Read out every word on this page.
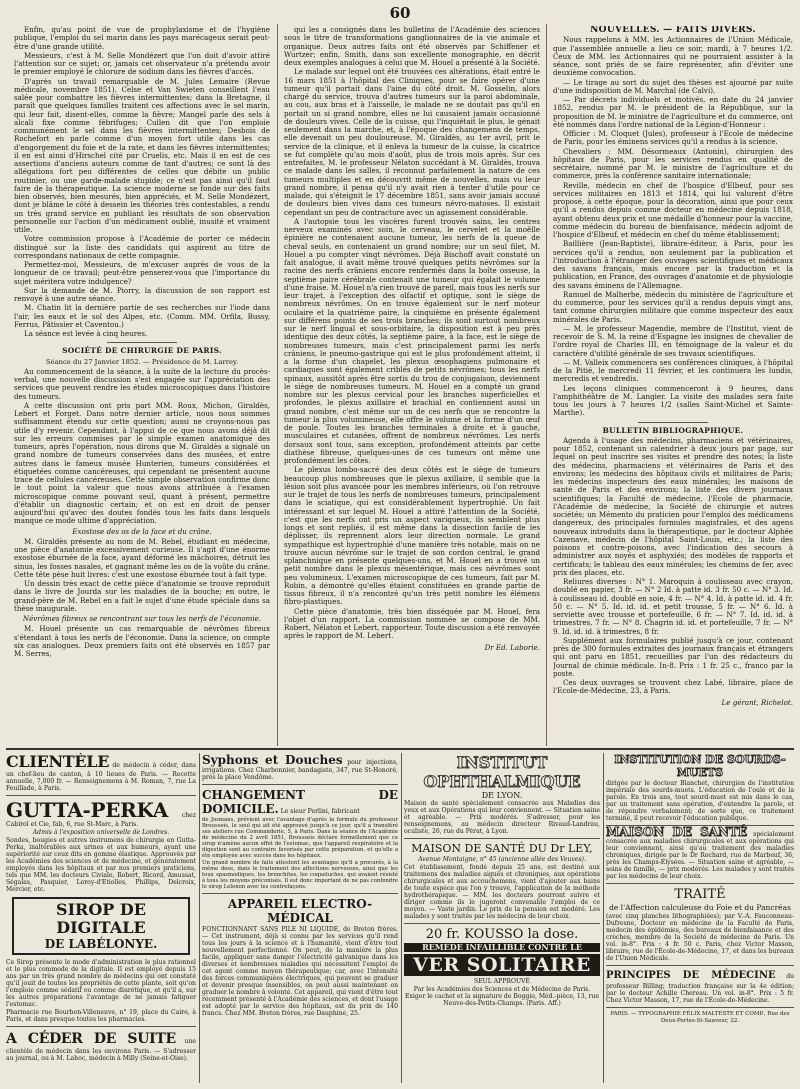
60

Enfin, qu'au point de vue de prophylaxisme et de l'hygiène publique, l'emploi du sel marin dans les pays marécageux serait peut-être d'une grande utilité.

Messieurs, c'est à M. Selle Mondézert que l'on doit d'avoir attiré l'attention sur ce sujet; or, jamais cet observateur n'a prétendu avoir le premier employé le chlorure de sodium dans les fièvres d'accès.

D'après un travail remarquable de M. Jules Lemaire (Revue médicale, novembre 1851), Celse et Van Swieten conseillent l'eau salée pour combattre les fièvres intermittentes; dans la Bretagne, il paraît que quelques familles traitent ces affections avec le sel marin, qui leur fait, disent-elles, comme la fièvre; Mangel parle des sels à alcali fixe comme fébrifuges; Cullen dit que l'on emploie communément le sel dans les fièvres intermittentes; Desbois de Rochefort en parle comme d'un moyen fort utile dans les cas d'engorgement du foie et de la rate, et dans les fièvres intermittentes; il en est ainsi d'Hirschel cité par Cruelis, etc. Mais il en est de ces assertions d'anciens auteurs comme de tant d'autres; ce sont là des allégations fort peu différentes de celles que débite un public routinier, ou une garde-malade stupide; ce n'est pas ainsi qu'il faut faire de la thérapeutique. La science moderne se fonde sur des faits bien observés, bien mesurés, bien appréciés, et M. Selle Mondézert, dont je blâme le côté à dessein les théories très contestables, a rendu un très grand service en publiant les résultats de son observation personnelle sur l'action d'un médicament oublié, inusité et vraiment utile.

Votre commission propose à l'Académie de porter ce médecin distingué sur la liste des candidats qui aspirent au titre de correspondans nationaux de cette compagnie.

Permettez-moi, Messieurs, de m'excuser auprès de vous de la longueur de ce travail; peut-être penserez-vous que l'importance du sujet méritera votre indulgence?

Sur la demande de M. Piorry, la discussion de son rapport est renvoyé à une autre séance.

M. Chatin lit la dernière partie de ses recherches sur l'iode dans l'air, les eaux et le sol des Alpes, etc. (Comm. MM. Orfila, Bussy, Ferrus, Pâtissier et Caventou.)

La séance est levée à cinq heures.

SOCIÉTÉ DE CHIRURGIE DE PARIS.

Séance du 27 Janvier 1852. — Présidence de M. Larrey.

Au commencement de la séance, à la suite de la lecture du procès-verbal, une nouvelle discussion s'est engagée sur l'appréciation des services que peuvent rendre les études microscopiques dans l'histoire des tumeurs.

A cette discussion ont pris part MM. Roux, Michon, Giraldès, Lebert et Forget. Dans notre dernier article, nous nous sommes suffisamment étendu sur cette question; aussi ne croyons-nous pas utile d'y revenir. Cependant, à l'appui de ce que nous avons déjà dit sur les erreurs commises par le simple examen anatomique des tumeurs, après l'opération, nous dirons que M. Giraldès a signalé un grand nombre de tumeurs conservées dans des musées, et entre autres dans le fameux musée Hunterien, tumeurs considérées et étiquetées comme cancéreuses, qui cependant ne présentent aucune trace de cellules cancéreuses. Cette simple observation confirme donc le tout point la valeur que nous avons attribuée à l'examen microscopique comme pouvant seul, quant à présent, permettre d'établir un diagnostic certain; et on est en droit de penser aujourd'hui qu'avec des doutes fondés tous les faits dans lesquels manque ce mode ultime d'appréciation.

Exostose des os de la face et du crâne.

M. Giraldès présente au nom de M. Rebel, étudiant en médecine, une pièce d'anatomie excessivement curieuse. Il s'agit d'une énorme exostose éburnée de la face, ayant déformé les mâchoires, détruit les sinus, les fosses nasales, et gagnant même les os de la voûte du crâne. Cette tête pèse huit livres: c'est une exostose éburnée tout à fait type.

Un dessin très exact de cette pièce d'anatomie se trouve reproduit dans le livre de Jourda sur les maladies de la bouche; en outre, le grand-père de M. Rebel en a fait le sujet d'une étude spéciale dans sa thèse inaugurale.

Névrômes fibreux se rencontrant sur tous les nerfs de l'économie.

M. Houel présente un cas remarquable de névrômes fibreux s'étendant à tous les nerfs de l'économie. Dans la science, on compte six cas analogues. Deux premiers faits ont été observés en 1857 par M. Serres,

qui les a consignés dans les bulletins de l'Académie des sciences sous le titre de transformations ganglionnaires de la vie animale et organique. Deux autres faits ont été observés par Schiffener et Wurtzer; enfin, Smith, dans son excellente monographie, en décrit deux exemples analogues à celui que M. Houel a présenté à la Société.

Le malade sur lequel ont été trouvées ces altérations, était entré le 16 mars 1851 à l'hôpital des Cliniques, pour se faire opérer d'une tumeur qu'il portait dans l'aine du côté droit. M. Gosselin, alors chargé du service, trouva d'autres tumeurs sur la paroi abdominale, au cou, aux bras et à l'aisselle, le malade ne se doutait pas qu'il en portait un si grand nombre, elles ne lui causaient jamais occasionné de douleurs vives. Celle de la cuisse, qui l'inquiétait le plus, le génait seulement dans la marche, et, à l'époque des changemens de temps, elle devenait un peu douloureuse. M. Giraldès, au 1er avril, prit le service de la clinique, et il enleva la tumeur de la cuisse, la cicatrice se fut complète qu'au mois d'août, plus de trois mois après. Sur ces entrefaites, M. le professeur Nélaton succédant à M. Giraldès, trouva ce malade dans les salles, il reconnut parfaitement la nature de ces tumeurs multiples et en découvrit même de nouvelles, mais vu leur grand nombre, il pensa qu'il n'y avait rien à tenter d'utile pour ce malade, qui s'éteignit le 17 décembre 1851, sans avoir jamais accusé de douleurs bien vives dans ces tumeurs névro-matoses. Il existait cependant un peu de contracture avec un agissement considérable.

A l'autopsie tous les viscères furent trouvés sains, les centres nerveux examinés avec soin, le cerveau, le cervelet et la moëlle épinière ne contenaient aucune tumeur, les nerfs de la queue de cheval seuls, en contenaient un grand nombre; sur un seul filet, M. Houel a pu compter vingt névrômes. Déjà Bischoff avait constaté un fait analogue, il avait même trouvé quelques petits névrômes sur la racine des nerfs crâniens encore renfermés dans la boîte osseuse, la septième paire cérébrale contenait une tumeur qui égalait le volume d'une fraise. M. Houel n'a rien trouvé de pareil, mais tous les nerfs sur leur trajet, à l'exception des olfactif et optique, sont le siège de nombreux névrômes. On en trouve également sur le nerf moteur oculaire et la quatrième paire, la cinquième en présente également sur différens points de ses trois branches; ils sont surtout nombreux sur le nerf lingual et sous-orbitaire, la disposition est à peu près identique des deux côtés, la septième paire, à la face, est le siège de nombreuses tumeurs, mais c'est principalement parmi les nerfs crâniens, le pneumo-gastrique qui est le plus profondément atteint, il a la forme d'un chapelet, les plexus œsophagiens pulmonaire et cardiaques sont également criblés de petits névrômes; tous les nerfs spinaux, aussitôt après être sortis du trou de conjugaison, deviennent le siège de nombreuses tumeurs. M. Houel en a compté un grand nombre sur les plexus cervical pour les branches superficielles et profondes, le plexus axillaire et brachial en contiennent aussi un grand nombre, c'est même sur un de ces nerfs que se rencontre la tumeur la plus volumineuse, elle offre le volume et la forme d'un œuf de poule. Toutes les branches terminales à droite et à gauche, musculaires et cutanées, offrent de nombreux névrômes. Les nerfs dorsaux sont tous, sans exception, profondément atteints par cette diathèse fibreuse, quelques-unes de ces tumeurs ont même une profondément les côtes.

Le plexus lombo-sacré des deux côtés est le siège de tumeurs beaucoup plus nombreuses que le plexus axillaire, il semble que la lésion soit plus avancée pour les membres inférieurs, où l'on retrouve sur le trajet de tous les nerfs de nombreuses tumeurs, principalement dans le sciatique, qui est considérablement hypertrophié. Un fait intéressant et sur lequel M. Houel a attiré l'attention de la Société, c'est que les nerfs ont pris un aspect variqueux, ils semblent plus longs et sont repliés, il est même dans la dissection facile de les déplisser, ils reprennent alors leur direction normale. Le grand sympathique est hypertrophié d'une manière très notable, mais on ne trouve aucun névrôme sur le trajet de son cordon central, le grand splanchnique en présente quelques-uns, et M. Houel en a trouvé un petit nombre dans le plexus mésentérique, mais ces névrômes sont peu volumineux. L'examen microscopique de ces tumeurs, fait par M. Robin, a démontré qu'elles étaient constituées en grande partie de tissus fibreux, il n'a rencontré qu'un très petit nombre les élémens fibro-plastiques.

Cette pièce d'anatomie, très bien disséquée par M. Houel, fera l'objet d'un rapport. La commission nommée se compose de MM. Robert, Nélaton et Lebert, rapporteur. Toute discussion a été renvoyée après le rapport de M. Lebert.

Dr Ed. Laborie.

NOUVELLES. — FAITS DIVERS.

Nous rappelons à MM. les Actionnaires de l'Union Médicale, que l'assemblée annuelle a lieu ce soir, mardi, à 7 heures 1/2. Ceux de MM. les Actionnaires qui ne pourraient assister à la séance, sont priés de se faire représenter, afin d'éviter une deuxième convocation.

— Le tirage au sort du sujet des thèses est ajourné par suite d'une indisposition de M. Marchal (de Calvi).

— Par décrets individuels et motivés, en date du 24 janvier 1852, rendus par M. le président de la République, sur la proposition de M. le ministre de l'agriculture et du commerce, ont été nommés dans l'ordre national de la Légion-d'Honneur :

Officier : M. Cloquet (Jules), professeur à l'Ecole de médecine de Paris, pour les éminens services qu'il a rendus à la science.

Chevaliers : MM. Désormeaux (Antonin), chirurgien des hôpitaux de Paris, pour les services rendus en qualité de secrétaire, nommé par M. le ministre de l'agriculture et du commerce, près la conférence sanitaire internationale;

Reville, médecin en chef de l'hospice d'Elbeuf, pour ses services militaires en 1813 et 1814, qui lui valurent d'être proposé, à cette époque, pour la décoration, ainsi que pour ceux qu'il a rendus depuis comme docteur en médecine depuis 1818, ayant obtenu deux prix et une médaille d'honneur pour la vaccine, comme médecin du bureau de bienfaisance, médecin adjoint de l'hospice d'Elbeuf, et médecin en chef du même établissement;

Baillière (Jean-Baptiste), libraire-éditeur, à Paris, pour les services qu'il a rendus, non seulement par la publication et l'introduction à l'étranger des ouvrages scientifiques et médicaux des savans français, mais encore par la traduction et la publication, en France, des ouvrages d'anatomie et de physiologie des savans éminens de l'Allemagne.

Ramuel de Malherbe, médecin du ministère de l'agriculture et du commerce, pour les services qu'il a rendus depuis vingt ans, tant comme chirurgien militaire que comme inspecteur des eaux minérales de Paris.

— M. le professeur Magendie, membre de l'Institut, vient de recevoir de S. M. la reine d'Espagne les insignes de chevalier de l'ordre royal de Charles III, en témoignage de la valeur et du caractère d'utilité générale de ses travaux scientifiques.

— M. Valleix commencera ses conférences cliniques, à l'hôpital de la Pitié, le mercredi 11 février, et les continuera les lundis, mercredis et vendredis.

Les leçons cliniques commenceront à 9 heures, dans l'amphithéâtre de M. Langier. La visite des malades sera faite tous les jours à 7 heures 1/2 (salles Saint-Michel et Sainte-Marthe).

BULLETIN BIBLIOGRAPHIQUE.

Agenda à l'usage des médecins, pharmaciens et vétérinaires, pour 1852, contenant un calendrier à deux jours par page, sur lequel on peut inscrire ses visites et prendre des notes; la liste des médecins, pharmaciens et vétérinaires de Paris et des environs; les médecins des hôpitaux civils et militaires de Paris; les médecins inspecteurs des eaux minérales; les maisons de santé de Paris et des environs; la liste des divers journaux scientifiques; la Faculté de médecine, l'Ecole de pharmacie, l'Académie de médecine, la Société de chirurgie et autres sociétés; un Mémento du praticien pour l'emploi des médicamens dangereux, des principales formules magistrales, et des agens nouveaux introduits dans la thérapeutique, par le docteur Alphée Cazenave, médecin de l'hôpital Saint-Louis, etc.; la liste des poisons et contre-poisons, avec l'indication des secours à administrer aux noyés et asphyxiés; des modèles de rapports et certificats; le tableau des eaux minérales; les chemins de fer, avec prix des places, etc.

Reliures diverses : N° 1. Maroquin à coulisseau avec crayon, doublé en papier, 3 fr. — N° 2 Id. à patte id. 3 fr. 50 c. — N° 3. Id. à coulisseau id. doublé en soie, 4 fr. — N° 4. Id. à patte id. id. 4 fr. 50 c. — N° 5. Id. id. id. et petit trousse, 5 fr. — N° 6. Id. à serviette avec trousse et portefeuille, 6 fr. — N° 7. Id. id. id. à trimestres, 7 fr. — N° 8. Chagrin id. id. et portefeuille, 7 fr. — N° 9. Id. id. id. à trimestres, 8 fr.

Supplément aux formulaires publié jusqu'à ce jour, contenant près de 300 formules extraites des journaux français et étrangers qui ont paru en 1851, recueillies par l'un des rédacteurs du Journal de chimie médicale. In-8. Prix : 1 fr. 25 c., franco par la poste.

Ces deux ouvrages se trouvent chez Labé, libraire, place de l'Ecole-de-Médecine, 23, à Paris.

Le gérant, Richelot.

CLIENTÈLE de médecin à céder, dans un chef-lieu de canton, à 10 lieues de Paris. — Recette annuelle, 7,000 fr. — Renseignemens à M. Roman, 7, rue La Feuillade, à Paris.

GUTTA-PERKA chez Cabirol et Cie, fab, 6, rue St-Marc, à Paris.

Admis à l'exposition universelle de Londres.

Sondes, bougies et autres instrumens de chirurgie en Gutta-Perka, inaltérables aux urines et aux humeurs, ayant une supériorité sur ceux dits en gomme élastique. Approuvés par les Académies des sciences et de médecine, et généralement employés dans les hôpitaux et par nos premiers praticiens, tels que MM. les docteurs Civiale, Robert, Ricord, Amussat, Ségalas, Pasquier, Leroy-d'Etiolles, Phillips, Delcroix, Mercier, etc.

SIROP DE DIGITALE
DE LABÉLONYE.

Ce Sirop présente le mode d'administration le plus rationnel et le plus commode de la digitale. Il est employé depuis 15 ans par un très grand nombre de médecins qui ont constaté qu'il jouit de toutes les propriétés de cette plante, soit qu'on l'emploie comme sédatif ou comme diurétique, et qu'il a, sur les autres préparations l'avantage de ne jamais fatiguer l'estomac.

Pharmacie rue Bourbon-Villeneuve, n° 19, place du Caire, à Paris, et dans presque toutes les pharmacies.

A CÉDER DE SUITE une clientèle de médecin dans les environs Paris. — S'adresser au journal, ou à M. Lahoc, médecin à Milly (Seine-et-Oise).

Syphons et Douches pour injections, irrigations. Chez Charbonnier, bandagiste, 347, rue St-Honoré, près la place Vendôme.

CHANGEMENT DE DOMICILE. Le sieur Perlini, fabricant

de Josmans, prévient avec l'avantage d'après la formule du professeur Brousseis, le seul qui ait été approuvé jusqu'à ce jour, qu'il a transféré ses ateliers rue Commanderie, 5, à Paris. Dans la séance de l'Académie de médecine du 2 avril 1851, Brousseis déclare formellement que ce sirop n'amène aucun effet de l'estomac, que l'appareil respiratoire et la digestion sont au contraire favorisés par cette préparation, et qu'elle a été employée avec succès dans les hôpitaux.

Un grand nombre de faits attestent les avantages qu'il a procurés, à la même dose, dans le traitement des affections nerveuses, ainsi que les toux spasmodiques, les bronchites, les coqueluches, qui avaient résisté à tous les moyens préconisés. Il est donc important de ne pas confondre le sirop Lelenon avec les contrefaçons.

APPAREIL ELECTRO-MÉDICAL

FONCTIONNANT SANS PILE NI LIQUIDE, de Breton frères. — Cet instrument, déjà si connu par les services qu'il rend tous les jours à la science et à l'humanité, vient d'être tout nouvellement perfectionné. On peut, de la manière la plus facile, appliquer sans danger l'électricité galvanique dans les diverses et nombreuses maladies qui nécessitent l'emploi de cet agent comme moyen thérapeutique; car, avec l'intensité des forces communiquées électriques, qui peuvent se graduer et devenir presque insensibles, on peut aussi maintenant en graduer le nombre à volonté. Cet appareil, qui vient d'être tout récemment présenté à l'Académie des sciences, et dont l'usage est adopté par le service des hôpitaux, est du prix de 140 francs. Chez MM. Breton frères, rue Dauphine, 25.

INSTITUT OPHTHALMIQUE

DE LYON.

Maison de santé spécialement consacrée aux Maladies des yeux et aux Opérations qui leur conviennent. — Situation saine et agréable. — Prix modérés. S'adresser, pour les renseignemens, au médecin directeur Rivaud-Landrau, oculiste, 26, rue du Pérat, à Lyon.

MAISON DE SANTÉ DU Dr LEY,

Avenue Montaigne, n° 45 (ancienne allée des Veuves).

Cet établissement, fondé depuis 25 ans, est destiné aux traitemens des maladies aiguës et chroniques, aux opérations chirurgicales et aux accouchemens, vient d'ajouter aux bains de toute espèce que l'on y trouve, l'application de la méthode hydrothérapique. — MM. les docteurs pourront suivre et diriger comme ils le jugeront convenable l'emploi de ce moyen. — Vaste jardin. Le prix de la pension est modéré. Les malades y sont traités par les médecins de leur choix.

20 fr. KOUSSO la dose.

REMÈDE INFAILLIBLE CONTRE LE
VER SOLITAIRE

SEUL APPROUVÉ

Par les Académies des Sciences et de Médecine de Paris. Exiger le cachet et la signature de Boggio, Méd.-pièce, 13, rue Neuve-des-Petits-Champs. (Paris. Aff.)

INSTITUTION DE SOURDS-MUETS

dirigée par le docteur Blanchet, chirurgien de l'institution impériale des sourds-muets. L'éducation de l'ouïe et de la parole. En trois ans, tout sourd-muet est mis dans le cas, par un traitement sans opération, d'entendre la parole, et de répondre verbalement; de sorte que, ce traitement terminé, il peut recevoir l'éducation publique.

MAISON DE SANTÉ spécialement consacrée aux maladies chirurgicales et aux opérations qui leur conviennent, ainsi qu'au traitement des maladies chroniques, dirigée par le Dr Rochard, rue de Marbeuf, 36, près les Champs-Élysées. — Situation saine et agréable, — soins de famille, — prix modérés. Les malades y sont traités par les médecins de leur choix.

TRAITÉ

de l'Affection calculeuse du Foie et du Pancréas

(avec cinq planches lithographiées); par V.-A. Fauconneau-Dufresne, Docteur en médecine de la Faculté de Paris, médecin des épidémies, des bureaux de bienfaisance et des crèches, membre de la Société de médecine de Paris. Un vol. in-8°. Prix : 4 fr. 50 c. Paris, chez Victor Masson, libraire, rue de l'École-de-Médecine, 17, et dans les bureaux de l'Union Médicale.

PRINCIPES DE MÉDECINE du professeur Billing; traduction française sur la 4e édition; par le docteur Achille Chereau. Un vol. in-8°. Prix : 5 fr. Chez Victor Masson, 17, rue de l'École-de-Médecine.

PARIS. — TYPOGRAPHIE FÉLIX MALTESTE ET COMP., Rue des Deux-Portes-St-Sauveur, 22.
